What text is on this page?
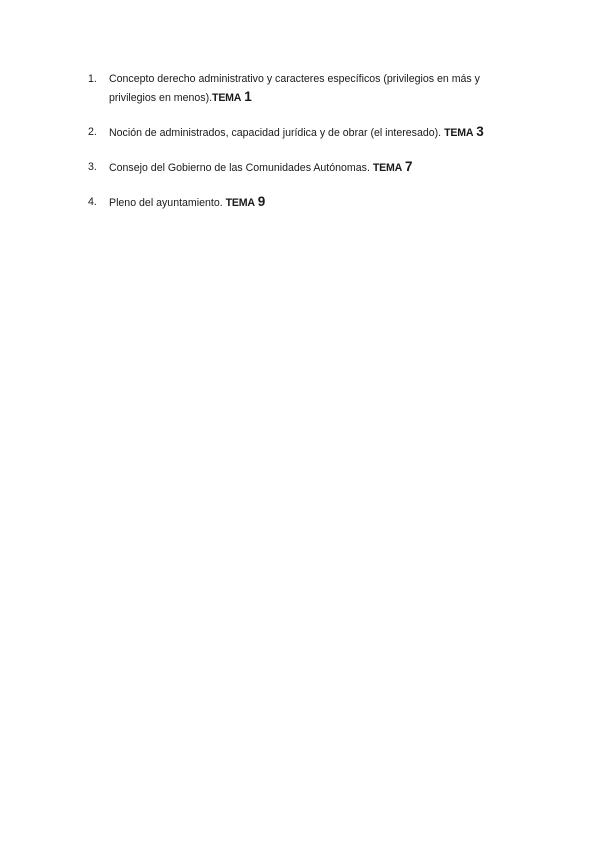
1.	Concepto derecho administrativo y caracteres específicos (privilegios en más y privilegios en menos).TEMA 1
2.	Noción de administrados, capacidad jurídica y de obrar (el interesado). TEMA 3
3.	Consejo del Gobierno de las Comunidades Autónomas. TEMA 7
4.	Pleno del ayuntamiento. TEMA 9
